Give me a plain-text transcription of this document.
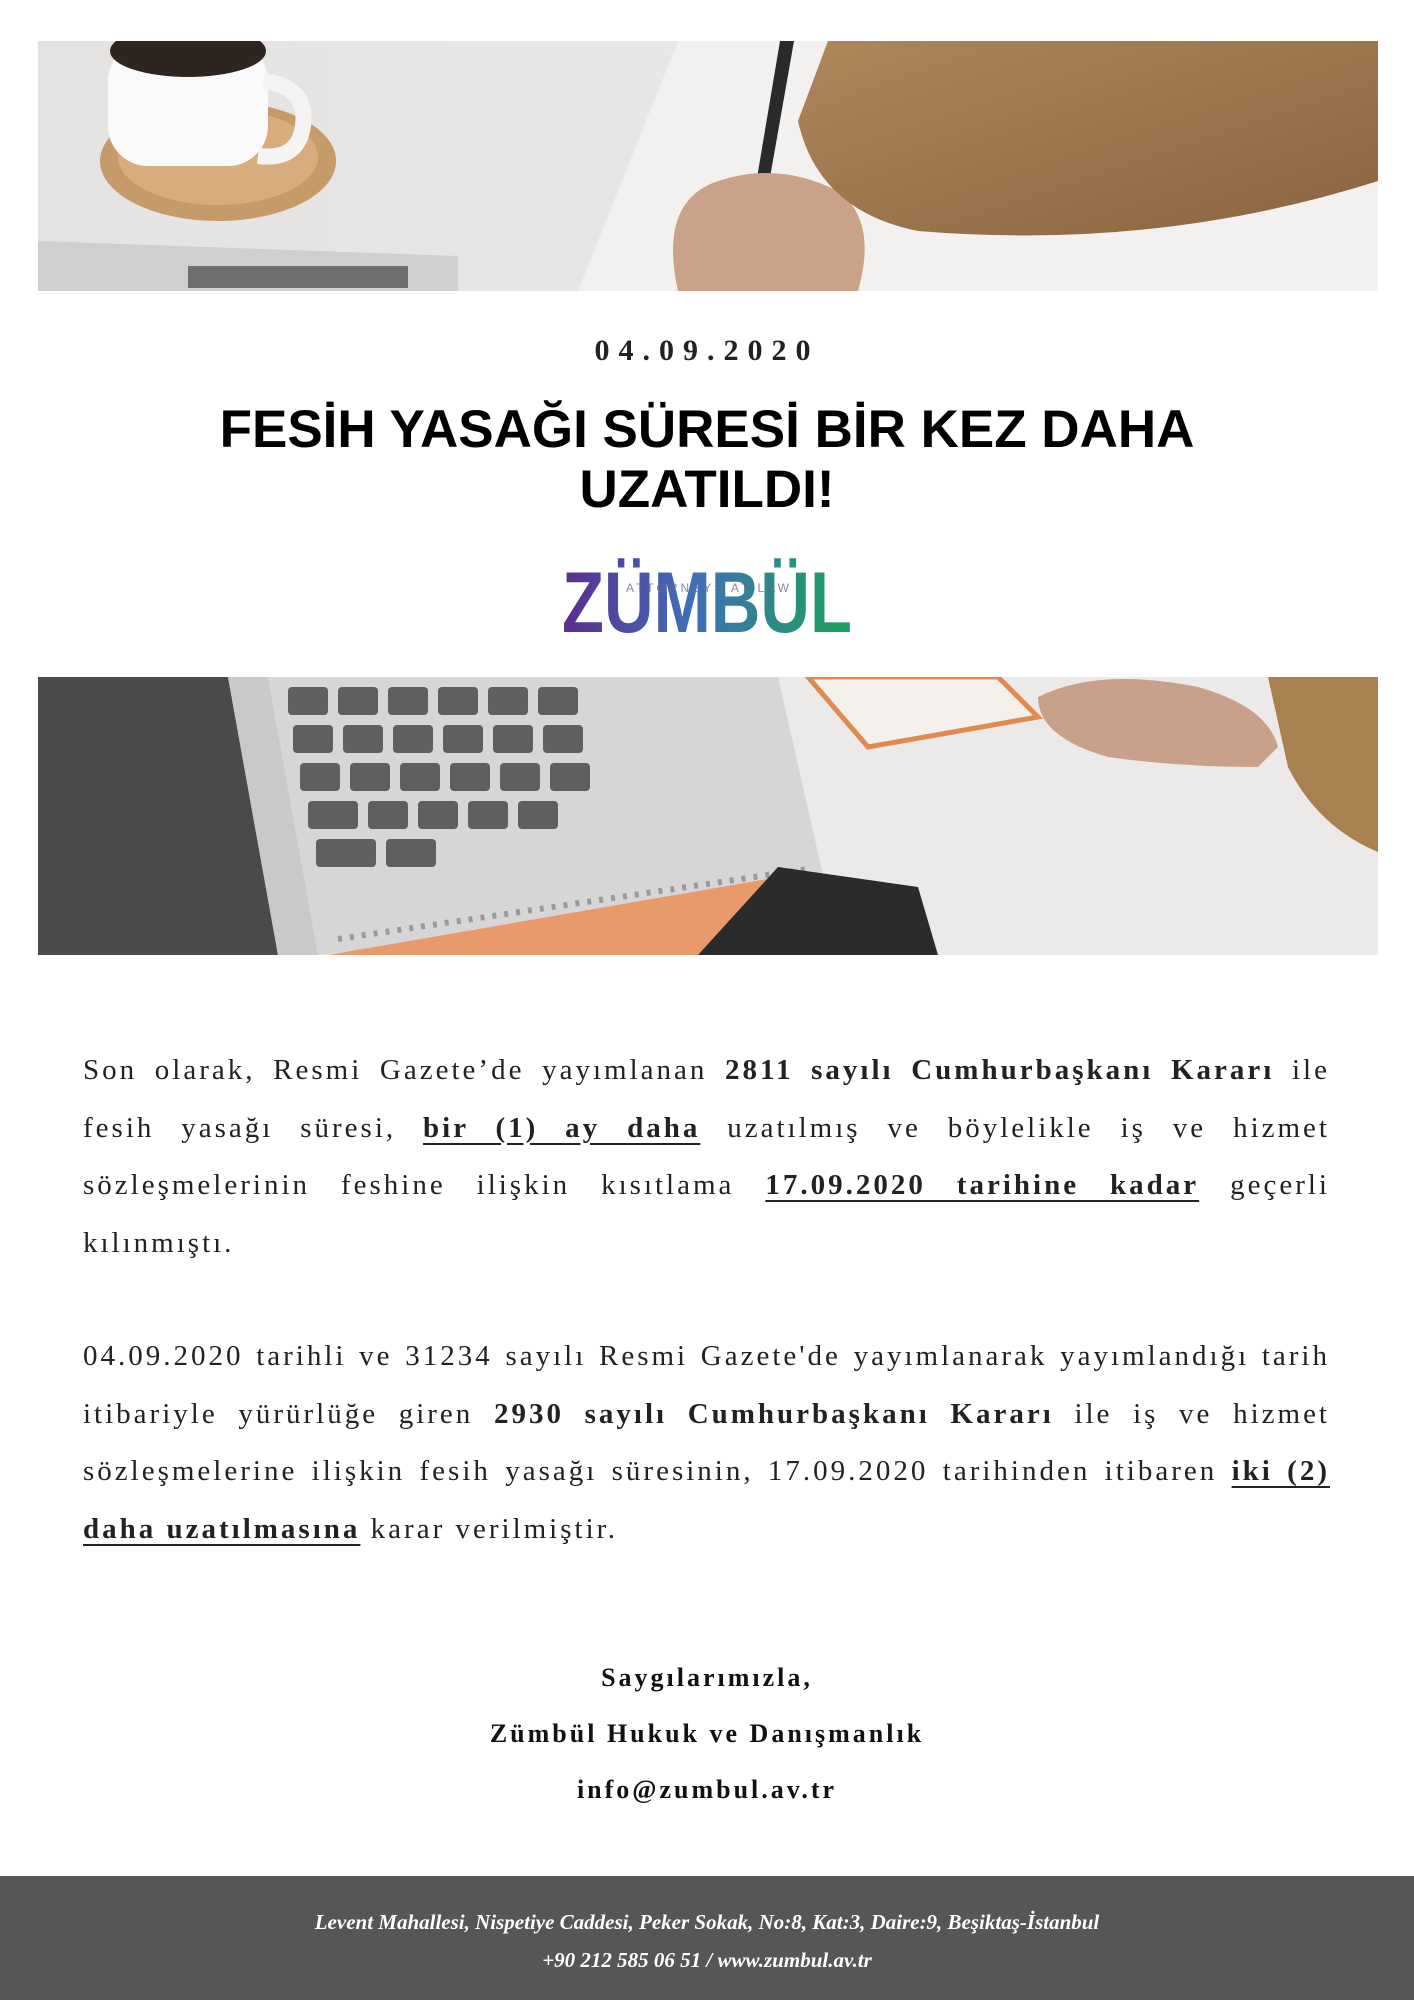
04.09.2020
FESİH YASAĞI SÜRESİ BİR KEZ DAHA UZATILDI!
ZÜMBÜL
ATTORNEYS AT LAW

Son olarak, Resmi Gazete’de yayımlanan 2811 sayılı Cumhurbaşkanı Kararı ile fesih yasağı süresi, bir (1) ay daha uzatılmış ve böylelikle iş ve hizmet sözleşmelerinin feshine ilişkin kısıtlama 17.09.2020 tarihine kadar geçerli kılınmıştı.

04.09.2020 tarihli ve 31234 sayılı Resmi Gazete'de yayımlanarak yayımlandığı tarih itibariyle yürürlüğe giren 2930 sayılı Cumhurbaşkanı Kararı ile iş ve hizmet sözleşmelerine ilişkin fesih yasağı süresinin, 17.09.2020 tarihinden itibaren iki (2) daha uzatılmasına karar verilmiştir.

Saygılarımızla,
Zümbül Hukuk ve Danışmanlık
info@zumbul.av.tr
Levent Mahallesi, Nispetiye Caddesi, Peker Sokak, No:8, Kat:3, Daire:9, Beşiktaş-İstanbul
+90 212 585 06 51 / www.zumbul.av.tr
